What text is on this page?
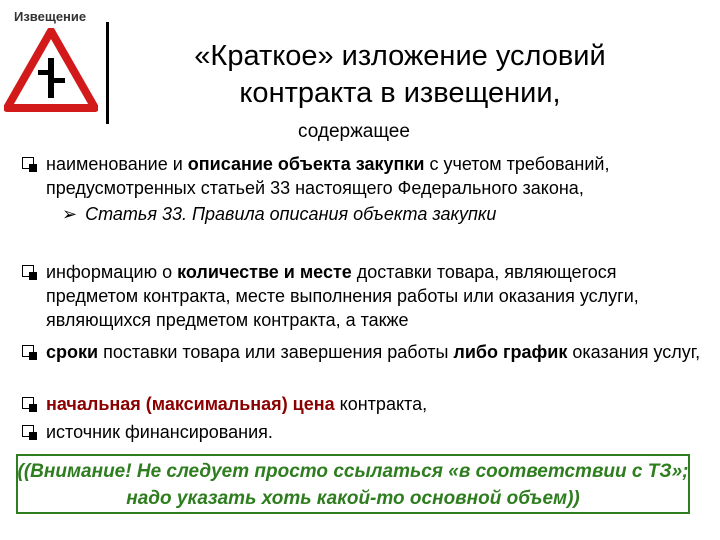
Извещение
«Краткое» изложение условий контракта в извещении,
содержащее
наименование и описание объекта закупки с учетом требований, предусмотренных статьей 33 настоящего Федерального закона,
➢ Статья 33. Правила описания объекта закупки
информацию о количестве и месте доставки товара, являющегося предметом контракта, месте выполнения работы или оказания услуги, являющихся предметом контракта, а также
сроки поставки товара или завершения работы либо график оказания услуг,
начальная (максимальная) цена контракта,
источник финансирования.
((Внимание! Не следует просто ссылаться «в соответствии с ТЗ»; надо указать хоть какой-то основной объем))
